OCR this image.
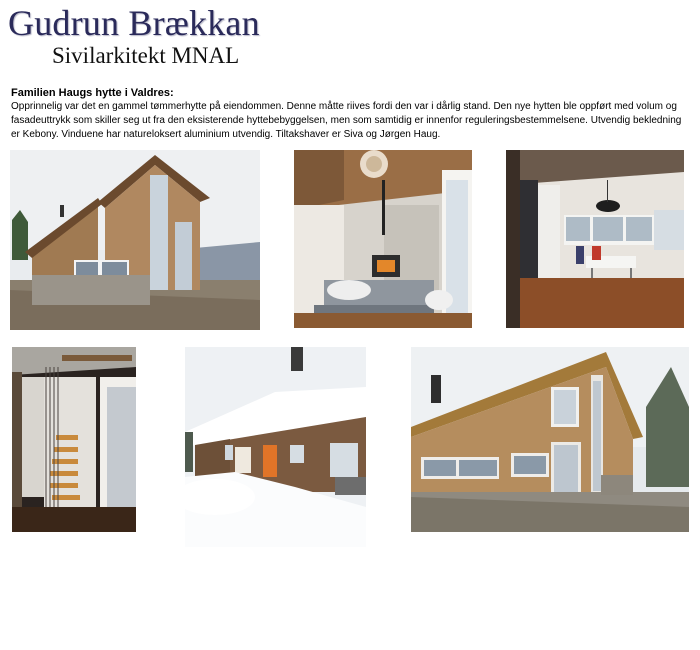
Gudrun Brækkan
Sivilarkitekt MNAL
Familien Haugs hytte i Valdres:

Opprinnelig var det en gammel tømmerhytte på eiendommen. Denne måtte riives fordi den var i dårlig stand. Den nye hytten ble oppført med volum og fasadeuttrykk som skiller seg ut fra den eksisterende hyttebebyggelsen, men som samtidig er innenfor reguleringsbestemmelsene. Utvendig bekledning er Kebony. Vinduene har natureloksert aluminium utvendig. Tiltakshaver er Siva og Jørgen Haug.
